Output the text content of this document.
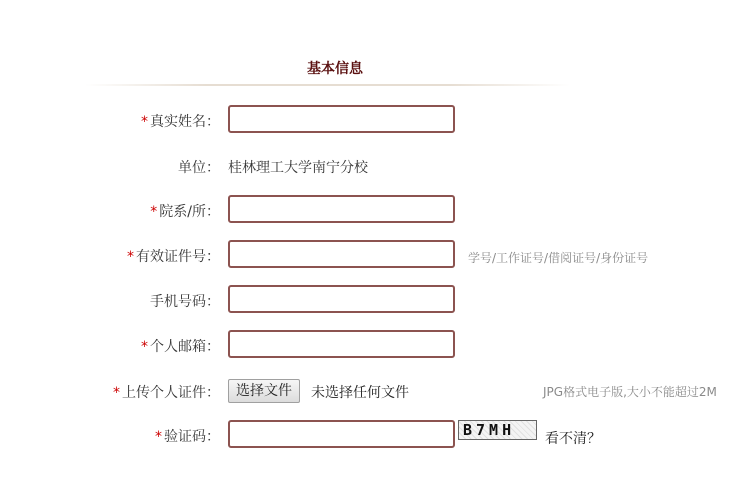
基本信息
* 真实姓名：
单位： 桂林理工大学南宁分校
* 院系/所：
* 有效证件号：	学号/工作证号/借阅证号/身份证号
手机号码：
* 个人邮箱：
* 上传个人证件：	选择文件	未选择任何文件	JPG格式电子版,大小不能超过2M
* 验证码：	B7MH	看不清？
